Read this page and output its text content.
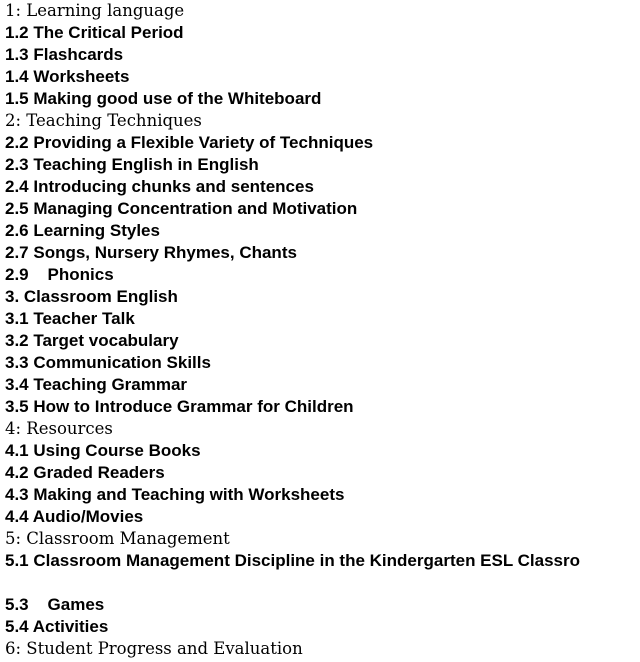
1: Learning language
1.2 The Critical Period
1.3 Flashcards
1.4 Worksheets
1.5 Making good use of the Whiteboard
2: Teaching Techniques
2.2 Providing a Flexible Variety of Techniques
2.3 Teaching English in English
2.4 Introducing chunks and sentences
2.5 Managing Concentration and Motivation
2.6 Learning Styles
2.7 Songs, Nursery Rhymes, Chants
2.9    Phonics
3. Classroom English
3.1 Teacher Talk
3.2 Target vocabulary
3.3 Communication Skills
3.4 Teaching Grammar
3.5 How to Introduce Grammar for Children
4: Resources
4.1 Using Course Books
4.2 Graded Readers
4.3 Making and Teaching with Worksheets
4.4 Audio/Movies
5: Classroom Management
5.1 Classroom Management Discipline in the Kindergarten ESL Classro
5.3    Games
5.4 Activities
6: Student Progress and Evaluation
